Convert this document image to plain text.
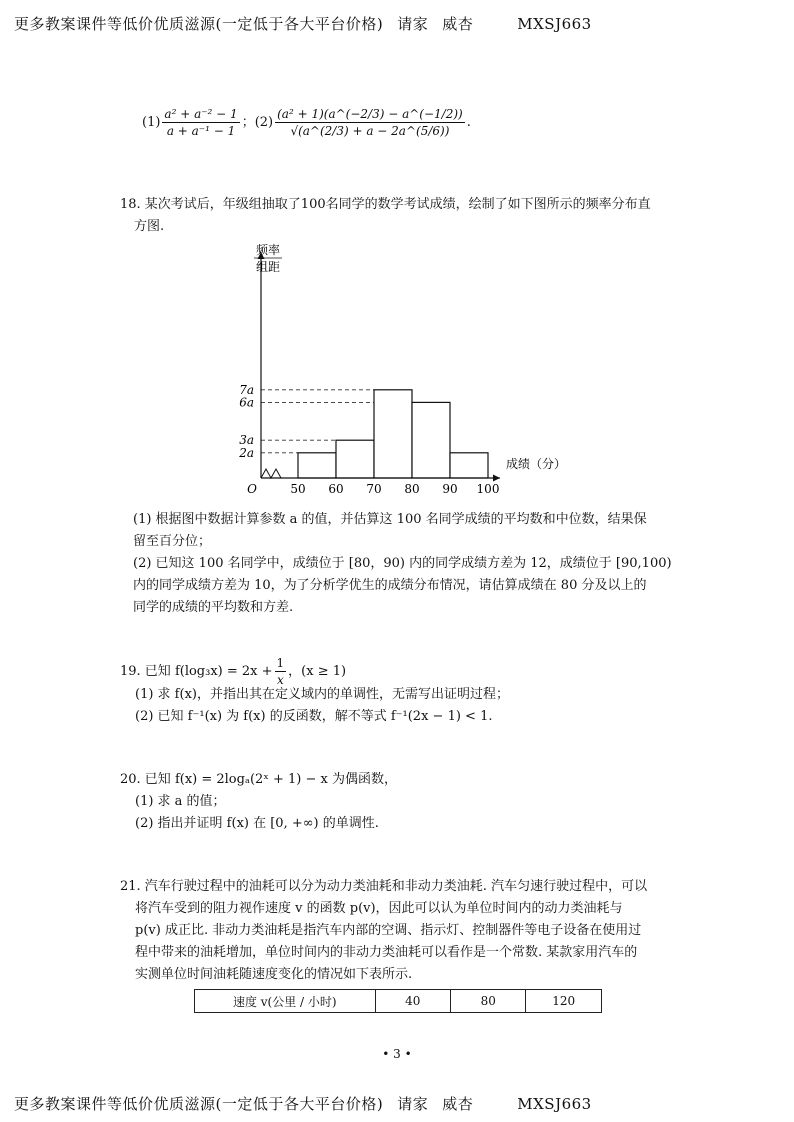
更多教案课件等低价优质滋源(一定低于各大平台价格) 请家 威杏	MXSJ663
$(1) \frac{\text{a² + a⁻² − 1}}{\text{a + a⁻¹ − 1}}$ ；$(2) \frac{\text{(a² + 1)(a\textasciicircum{}(−2/3) − a\textasciicircum{}(−1/2))}}{√(a\^{}(2/3) + a - 2a\^{}(5/6))}$ .
18. 某次考试后，年级组抽取了100名同学的数学考试成绩，绘制了如下图所示的频率分布直
方图.
频率
组距
成绩（分）
O	50 60 70 80 90 100
2a
3a
6a
7a
(1) 根据图中数据计算参数 a 的值，并估算这 100 名同学成绩的平均数和中位数，结果保
留至百分位；
(2) 已知这 100 名同学中，成绩位于 [80，90) 内的同学成绩方差为 12，成绩位于 [90,100)
内的同学成绩方差为 10，为了分析学优生的成绩分布情况，请估算成绩在 80 分及以上的
同学的成绩的平均数和方差.
19. 已知 $f(\log_3x) = 2x + \frac{1}{x}$ ，(x ≥ 1)
(1) 求 f(x)，并指出其在定义域内的单调性，无需写出证明过程；
(2) 已知 f⁻¹(x) 为 f(x) 的反函数，解不等式 f⁻¹(2x − 1) < 1.
20. 已知 f(x) = 2logₐ(2ˣ + 1) − x 为偶函数，
(1) 求 a 的值；
(2) 指出并证明 f(x) 在 [0, +∞) 的单调性.
21. 汽车行驶过程中的油耗可以分为动力类油耗和非动力类油耗. 汽车匀速行驶过程中，可以
将汽车受到的阻力视作速度 v 的函数 p(v)，因此可以认为单位时间内的动力类油耗与
p(v) 成正比. 非动力类油耗是指汽车内部的空调、指示灯、控制器件等电子设备在使用过
程中带来的油耗增加，单位时间内的非动力类油耗可以看作是一个常数. 某款家用汽车的
实测单位时间油耗随速度变化的情况如下表所示.
速度 v(公里 / 小时)	40	80	120
• 3 •
更多教案课件等低价优质滋源(一定低于各大平台价格) 请家 威杏	MXSJ663
